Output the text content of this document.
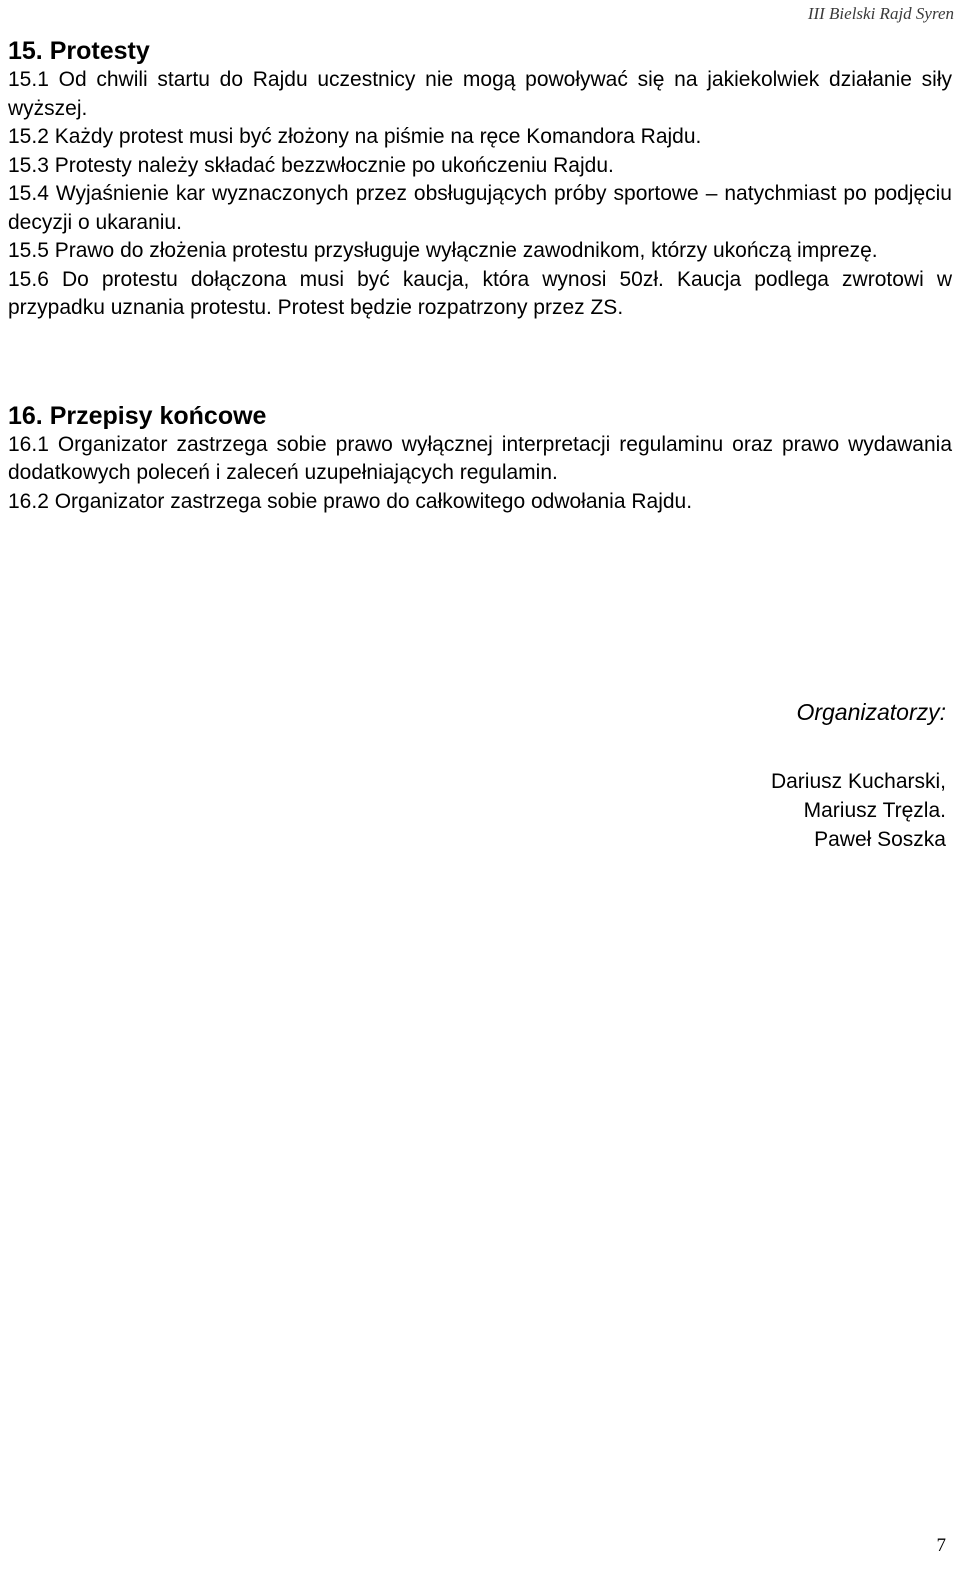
III Bielski Rajd Syren
15. Protesty

15.1 Od chwili startu do Rajdu uczestnicy nie mogą powoływać się na jakiekolwiek działanie siły wyższej.

15.2 Każdy protest musi być złożony na piśmie na ręce Komandora Rajdu.

15.3 Protesty należy składać bezzwłocznie po ukończeniu Rajdu.

15.4 Wyjaśnienie kar wyznaczonych przez obsługujących próby sportowe – natychmiast po podjęciu decyzji o ukaraniu.

15.5 Prawo do złożenia protestu przysługuje wyłącznie zawodnikom, którzy ukończą imprezę.

15.6 Do protestu dołączona musi być kaucja, która wynosi 50zł. Kaucja podlega zwrotowi w przypadku uznania protestu. Protest będzie rozpatrzony przez ZS.

16. Przepisy końcowe

16.1 Organizator zastrzega sobie prawo wyłącznej interpretacji regulaminu oraz prawo wydawania dodatkowych poleceń i zaleceń uzupełniających regulamin.

16.2 Organizator zastrzega sobie prawo do całkowitego odwołania Rajdu.

Organizatorzy:

Dariusz Kucharski,

Mariusz Tręzla.

Paweł Soszka

7
